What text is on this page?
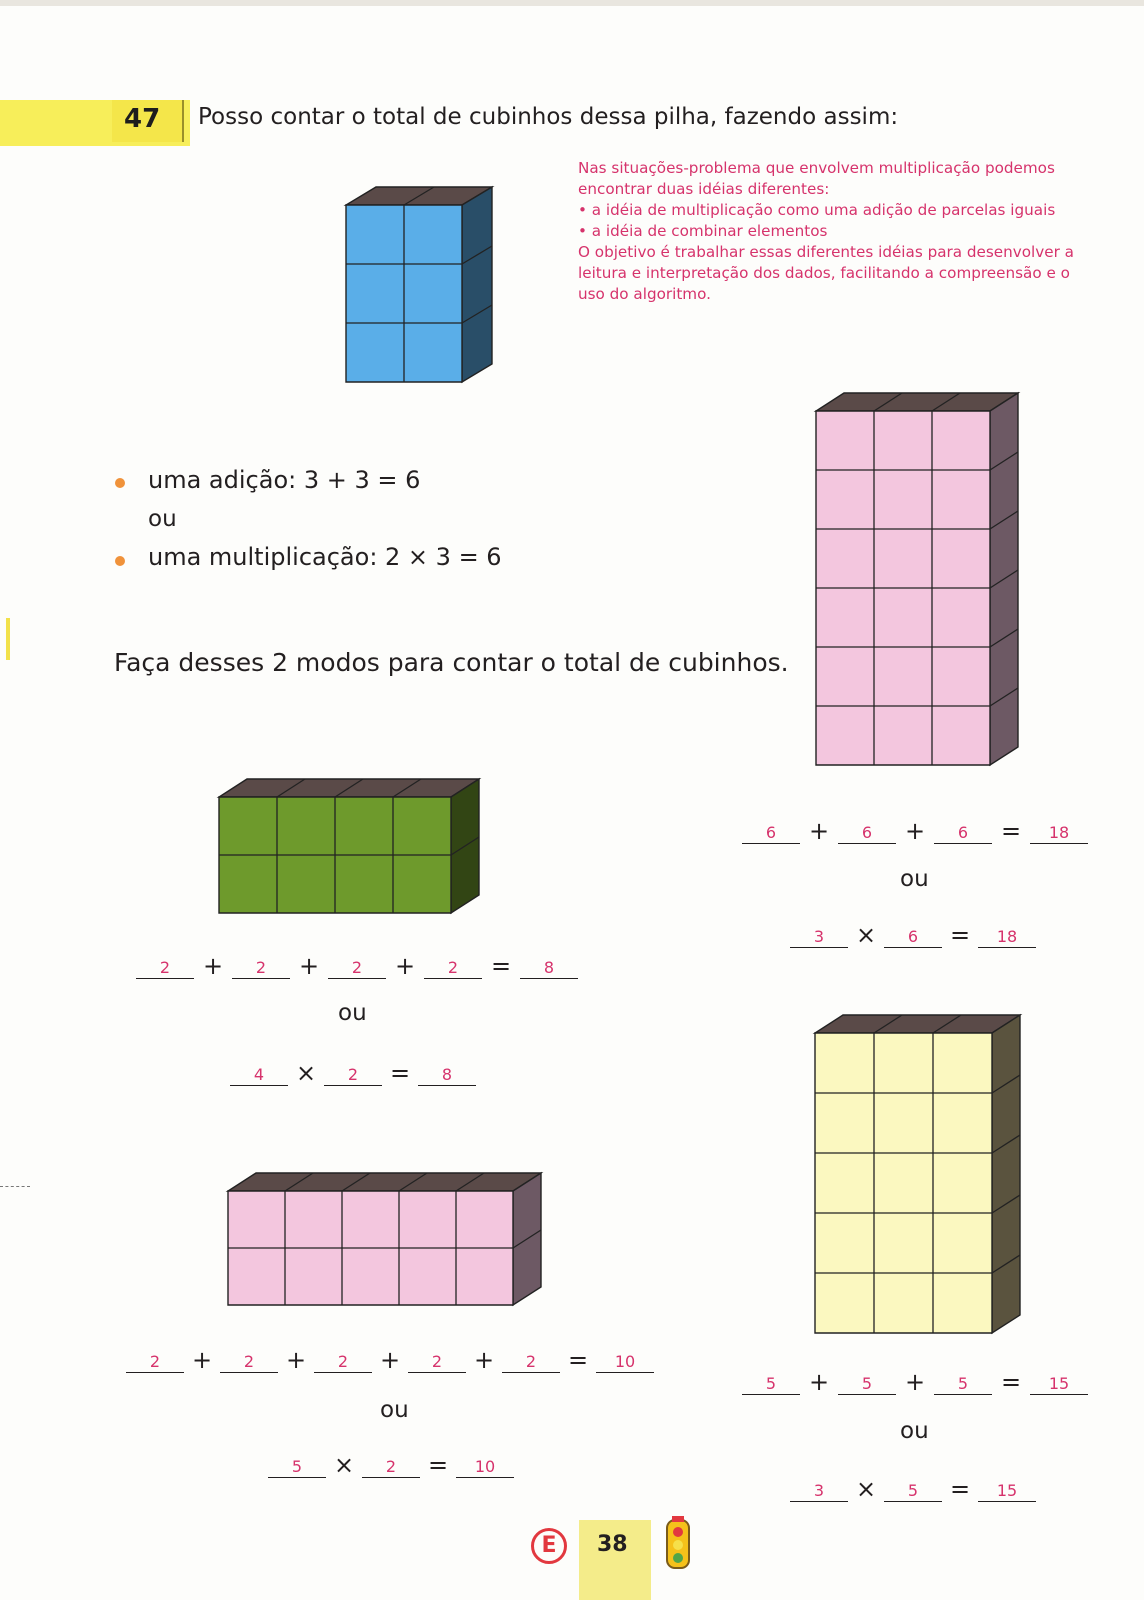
47 Posso contar o total de cubinhos dessa pilha, fazendo assim:

Nas situações-problema que envolvem multiplicação podemos

encontrar duas idéias diferentes:

• a idéia de multiplicação como uma adição de parcelas iguais

• a idéia de combinar elementos

O objetivo é trabalhar essas diferentes idéias para desenvolver a

leitura e interpretação dos dados, facilitando a compreensão e o

uso do algoritmo.

uma adição: 3 + 3 = 6
ou
uma multiplicação: 2 × 3 = 6
Faça desses 2 modos para contar o total de cubinhos.
2	+	2	+	2	+	2	=	8
ou
4	×	2	=	8
2	+	2	+	2	+	2	+	2	=	10
ou
5	×	2	=	10
6	+	6	+	6	=	18
ou
3	×	6	=	18
5	+	5	+	5	=	15
ou
3	×	5	=	15
E	38
